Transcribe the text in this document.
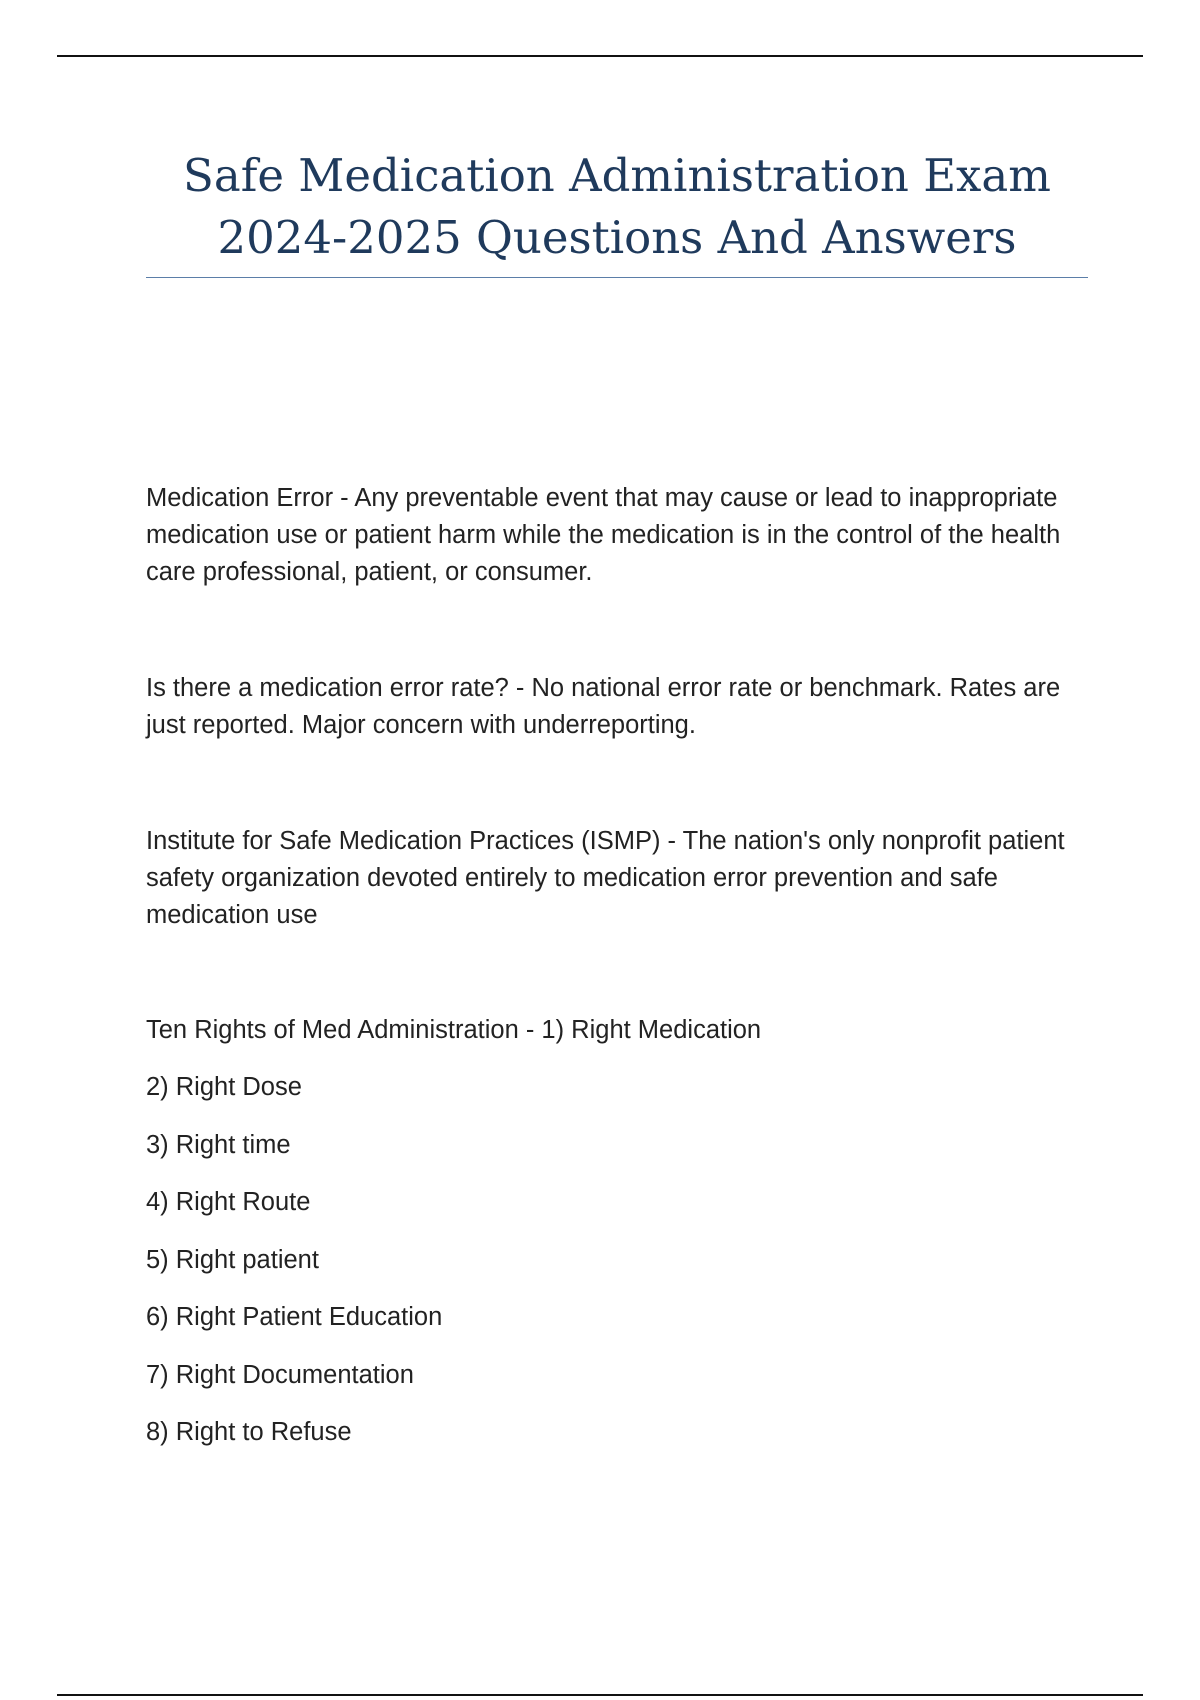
Safe Medication Administration Exam
2024-2025 Questions And Answers
Medication Error - Any preventable event that may cause or lead to inappropriate medication use or patient harm while the medication is in the control of the health care professional, patient, or consumer.
Is there a medication error rate? - No national error rate or benchmark. Rates are just reported. Major concern with underreporting.
Institute for Safe Medication Practices (ISMP) - The nation's only nonprofit patient safety organization devoted entirely to medication error prevention and safe medication use
Ten Rights of Med Administration - 1) Right Medication
2) Right Dose
3) Right time
4) Right Route
5) Right patient
6) Right Patient Education
7) Right Documentation
8) Right to Refuse
